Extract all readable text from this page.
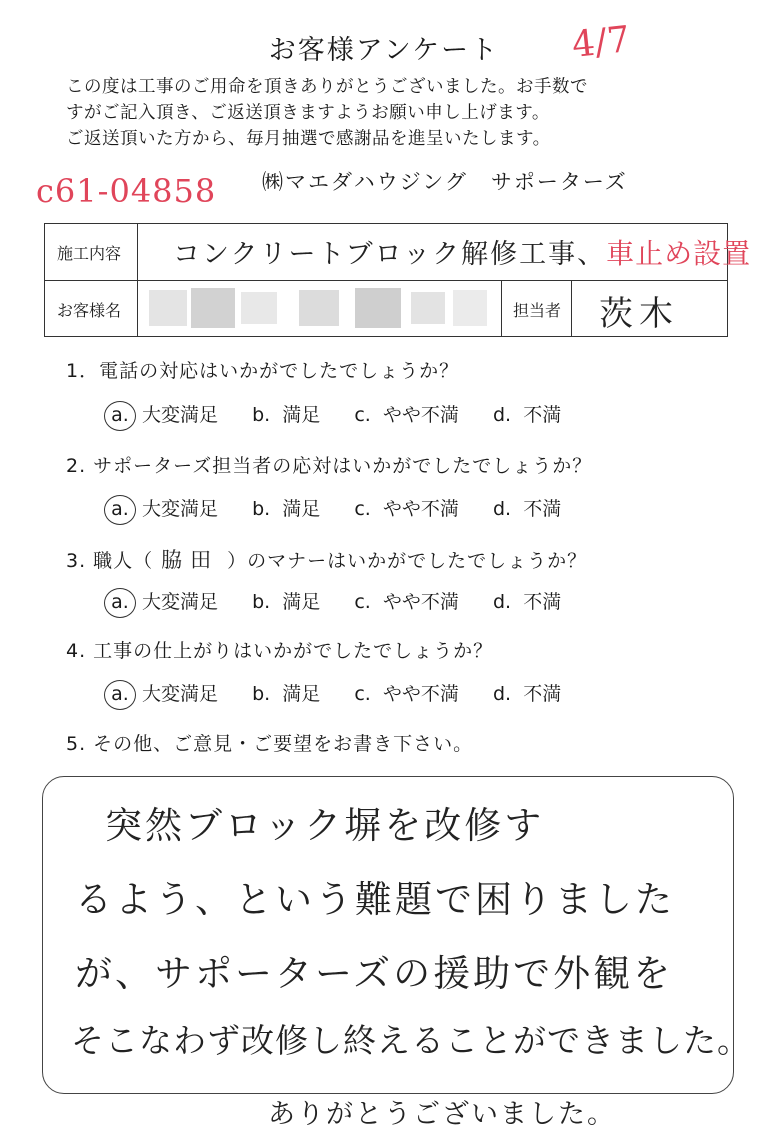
お客様アンケート	4/7
この度は工事のご用命を頂きありがとうございました。お手数で
すがご記入頂き、ご返送頂きますようお願い申し上げます。
ご返送頂いた方から、毎月抽選で感謝品を進呈いたします。
c61-04858 ㈱マエダハウジング　サポーターズ
施工内容 コンクリートブロック解修工事、車止め設置
お客様名	担当者 茨木
1．電話の対応はいかがでしたでしょうか？
a. 大変満足 b. 満足 c. やや不満 d. 不満
2. サポーターズ担当者の応対はいかがでしたでしょうか？
a. 大変満足 b. 満足 c. やや不満 d. 不満
3. 職人（ 脇田 ）のマナーはいかがでしたでしょうか？
a. 大変満足 b. 満足 c. やや不満 d. 不満
4. 工事の仕上がりはいかがでしたでしょうか？
a. 大変満足 b. 満足 c. やや不満 d. 不満
5. その他、ご意見・ご要望をお書き下さい。
突然ブロック塀を改修す
るよう、という難題で困りました
が、サポーターズの援助で外観を
そこなわず改修し終えることができました。
ありがとうございました。
